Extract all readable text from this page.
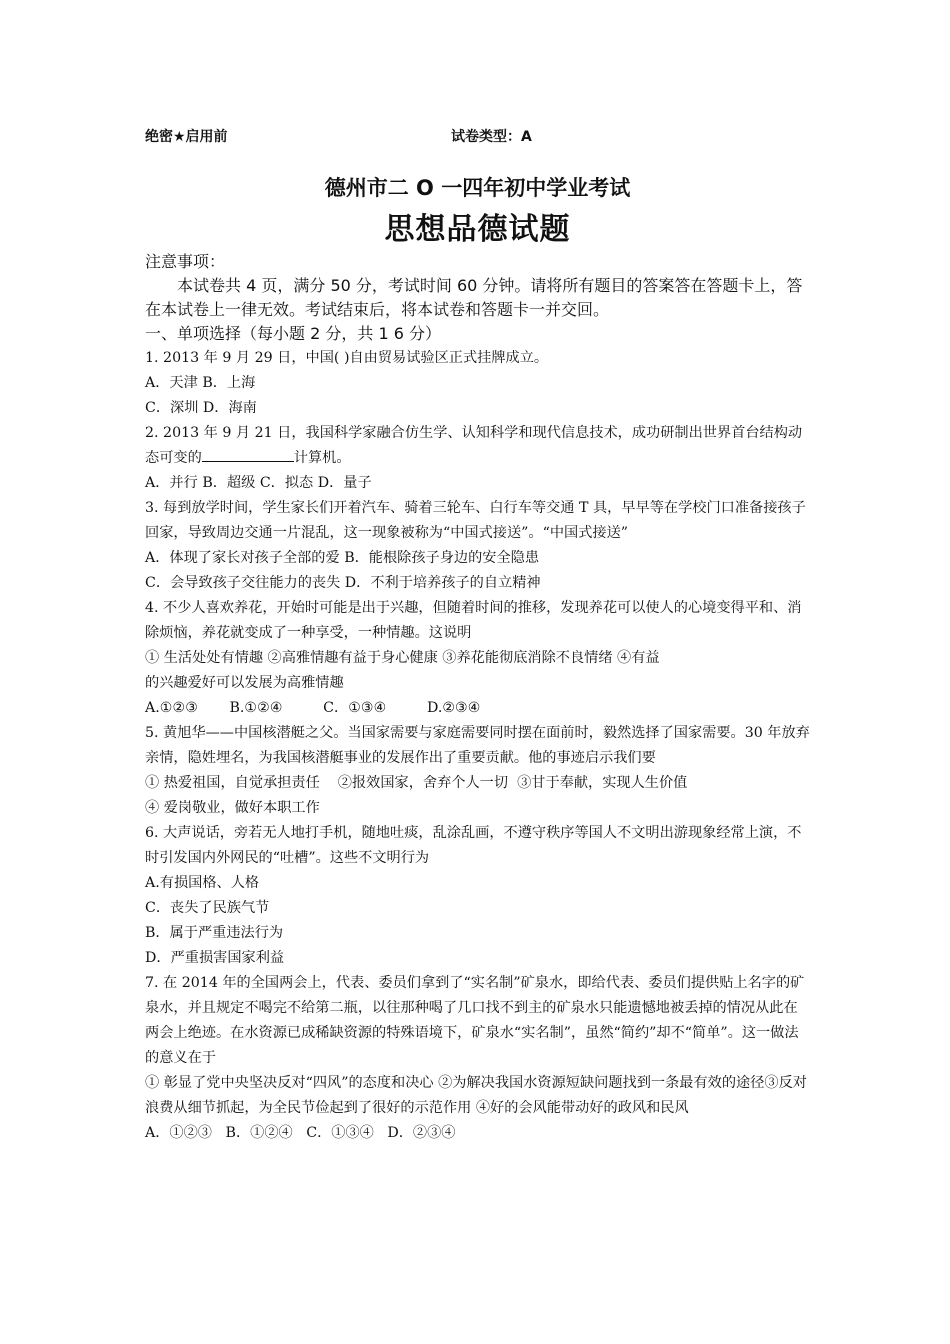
绝密★启用前	试卷类型：A
德州市二 O 一四年初中学业考试
思想品德试题
注意事项：
本试卷共 4 页，满分 50 分，考试时间 60 分钟。请将所有题目的答案答在答题卡上，答在本试卷上一律无效。考试结束后，将本试卷和答题卡一并交回。
一、单项选择（每小题 2 分，共 1 6 分）
1. 2013 年 9 月 29 日，中国( )自由贸易试验区正式挂牌成立。
A．天津 B．上海
C．深圳 D．海南
2. 2013 年 9 月 21 日，我国科学家融合仿生学、认知科学和现代信息技术，成功研制出世界首台结构动态可变的	计算机。
A．并行 B．超级 C．拟态 D．量子
3. 每到放学时间，学生家长们开着汽车、骑着三轮车、白行车等交通 T 具，早早等在学校门口准备接孩子回家，导致周边交通一片混乱，这一现象被称为“中国式接送”。“中国式接送”
A．体现了家长对孩子全部的爱 B．能根除孩子身边的安全隐患
C．会导致孩子交往能力的丧失 D．不利于培养孩子的自立精神
4. 不少人喜欢养花，开始时可能是出于兴趣，但随着时间的推移，发现养花可以使人的心境变得平和、消除烦恼，养花就变成了一种享受，一种情趣。这说明
① 生活处处有情趣 ②高雅情趣有益于身心健康 ③养花能彻底消除不良情绪 ④有益
的兴趣爱好可以发展为高雅情趣
A.①②③       B.①②④         C．①③④         D.②③④
5. 黄旭华——中国核潜艇之父。当国家需要与家庭需要同时摆在面前时，毅然选择了国家需要。30 年放弃亲情，隐姓埋名，为我国核潜艇事业的发展作出了重要贡献。他的事迹启示我们要
① 热爱祖国，自觉承担责任    ②报效国家，舍弃个人一切  ③甘于奉献，实现人生价值
④ 爱岗敬业，做好本职工作
6. 大声说话，旁若无人地打手机，随地吐痰，乱涂乱画，不遵守秩序等国人不文明出游现象经常上演，不时引发国内外网民的“吐槽”。这些不文明行为
A.有损国格、人格
C．丧失了民族气节
B．属于严重违法行为
D．严重损害国家利益
7. 在 2014 年的全国两会上，代表、委员们拿到了“实名制”矿泉水，即给代表、委员们提供贴上名字的矿泉水，并且规定不喝完不给第二瓶，以往那种喝了几口找不到主的矿泉水只能遗憾地被丢掉的情况从此在两会上绝迹。在水资源已成稀缺资源的特殊语境下，矿泉水“实名制”，虽然“简约”却不“简单”。这一做法的意义在于
① 彰显了党中央坚决反对“四风”的态度和决心 ②为解决我国水资源短缺问题找到一条最有效的途径③反对浪费从细节抓起，为全民节俭起到了很好的示范作用 ④好的会风能带动好的政风和民风
A．①②③   B．①②④   C．①③④   D．②③④
